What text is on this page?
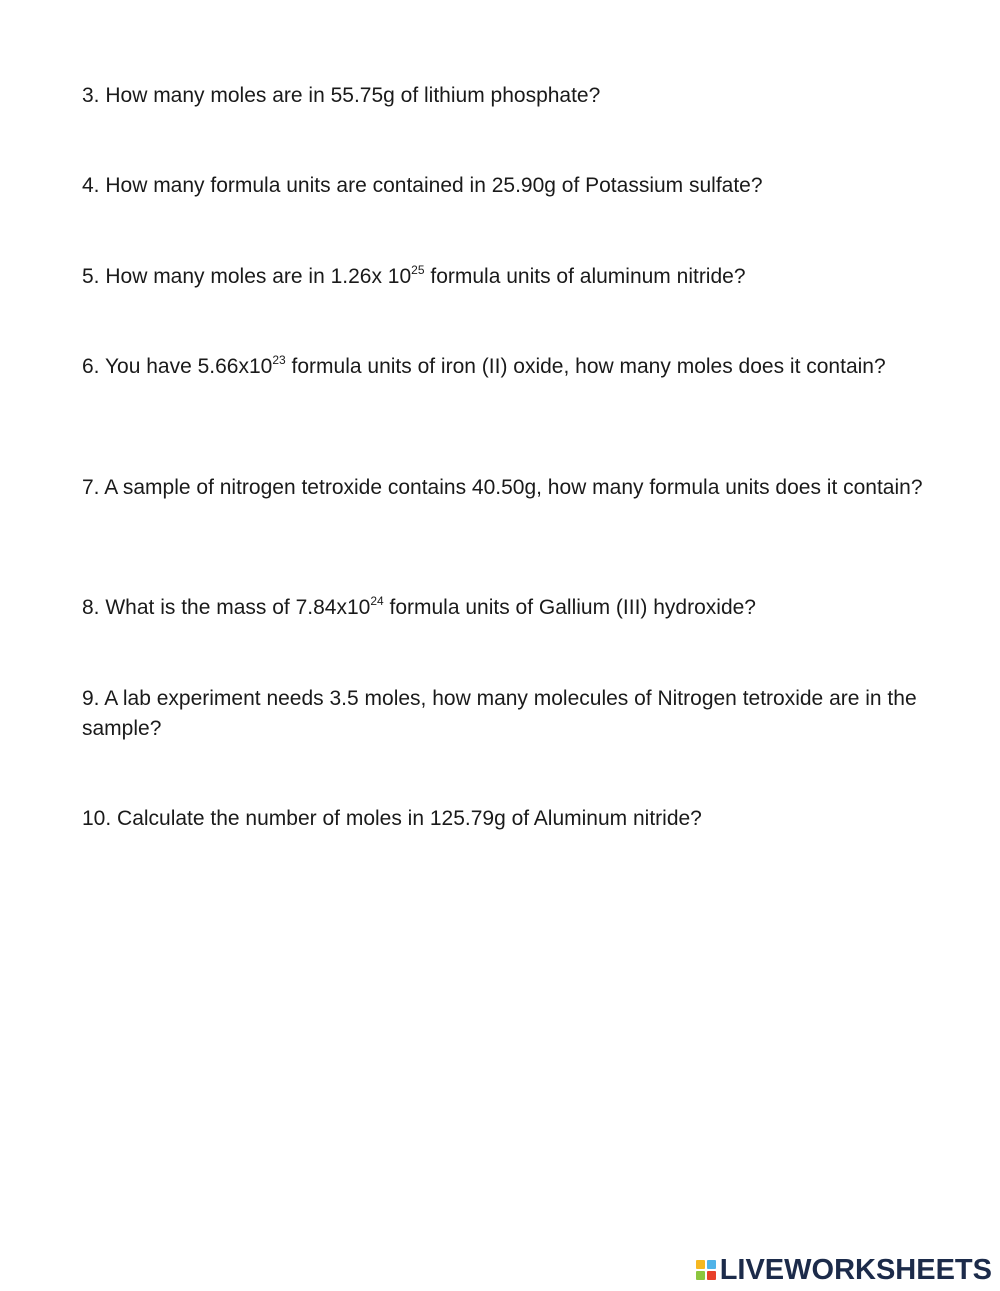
3. How many moles are in 55.75g of lithium phosphate?

4. How many formula units are contained in 25.90g of Potassium sulfate?

5. How many moles are in 1.26x $10^{25}$ formula units of aluminum nitride?

6. You have $5.66x10^{23}$ formula units of iron (II) oxide, how many moles does it contain?

7. A sample of nitrogen tetroxide contains 40.50g, how many formula units does it contain?

8. What is the mass of $7.84x10^{24}$ formula units of Gallium (III) hydroxide?

9. A lab experiment needs 3.5 moles, how many molecules of Nitrogen tetroxide are in the sample?

10. Calculate the number of moles in 125.79g of Aluminum nitride?

LIVEWORKSHEETS
